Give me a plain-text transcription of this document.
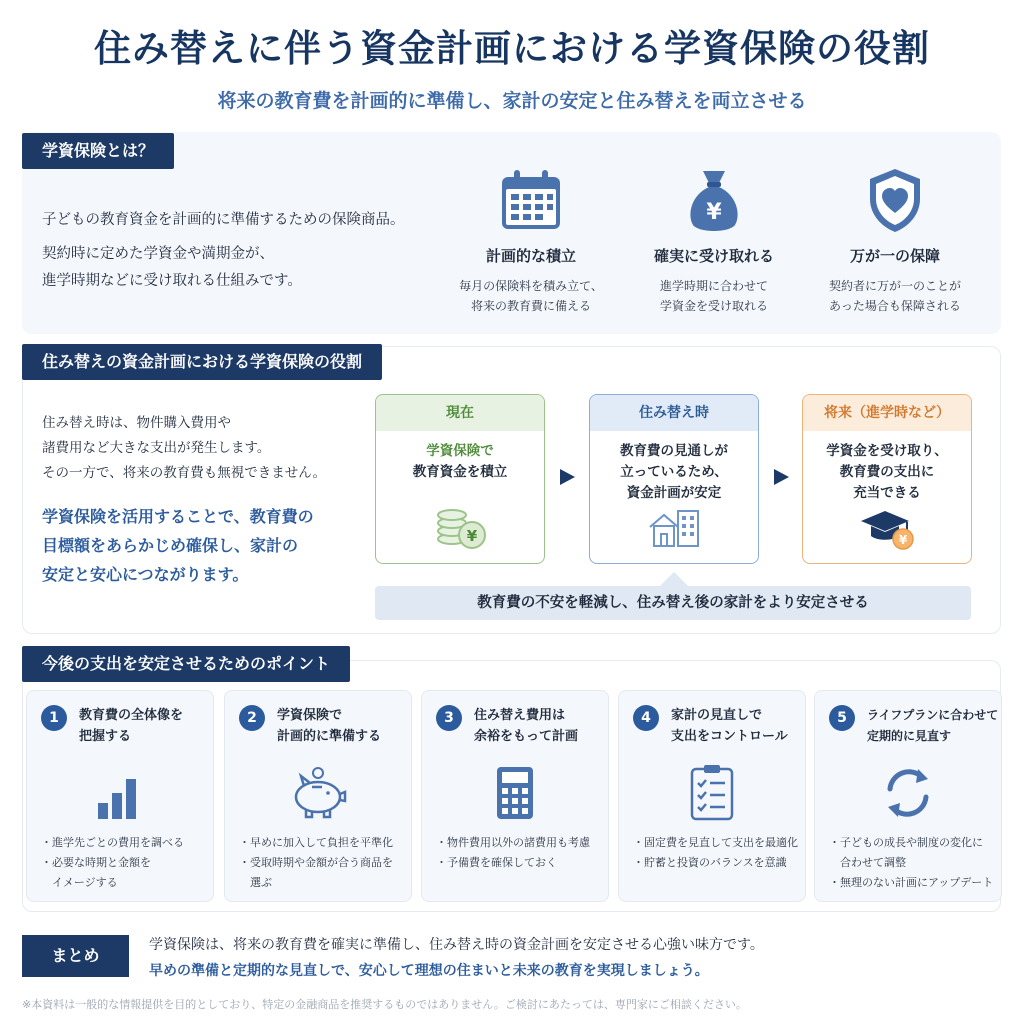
住み替えに伴う資金計画における学資保険の役割
将来の教育費を計画的に準備し、家計の安定と住み替えを両立させる
学資保険とは？
子どもの教育資金を計画的に準備するための保険商品。
契約時に定めた学資金や満期金が、
進学時期などに受け取れる仕組みです。
計画的な積立
毎月の保険料を積み立て、
将来の教育費に備える
¥
確実に受け取れる
進学時期に合わせて
学資金を受け取れる
万が一の保障
契約者に万が一のことが
あった場合も保障される
住み替えの資金計画における学資保険の役割
住み替え時は、物件購入費用や
諸費用など大きな支出が発生します。
その一方で、将来の教育費も無視できません。
学資保険を活用することで、教育費の
目標額をあらかじめ確保し、家計の
安定と安心につながります。
現在
学資保険で
教育資金を積立
¥
住み替え時
教育費の見通しが
立っているため、
資金計画が安定
将来（進学時など）
学資金を受け取り、
教育費の支出に
充当できる
¥
教育費の不安を軽減し、住み替え後の家計をより安定させる
今後の支出を安定させるためのポイント
1	教育費の全体像を
把握する
・進学先ごとの費用を調べる
・必要な時期と金額を
　イメージする
2	学資保険で
計画的に準備する
・早めに加入して負担を平準化
・受取時期や金額が合う商品を
　選ぶ
3	住み替え費用は
余裕をもって計画
・物件費用以外の諸費用も考慮
・予備費を確保しておく
4	家計の見直しで
支出をコントロール
・固定費を見直して支出を最適化
・貯蓄と投資のバランスを意識
5	ライフプランに合わせて
定期的に見直す
・子どもの成長や制度の変化に
　合わせて調整
・無理のない計画にアップデート
まとめ
学資保険は、将来の教育費を確実に準備し、住み替え時の資金計画を安定させる心強い味方です。
早めの準備と定期的な見直しで、安心して理想の住まいと未来の教育を実現しましょう。
※本資料は一般的な情報提供を目的としており、特定の金融商品を推奨するものではありません。ご検討にあたっては、専門家にご相談ください。
